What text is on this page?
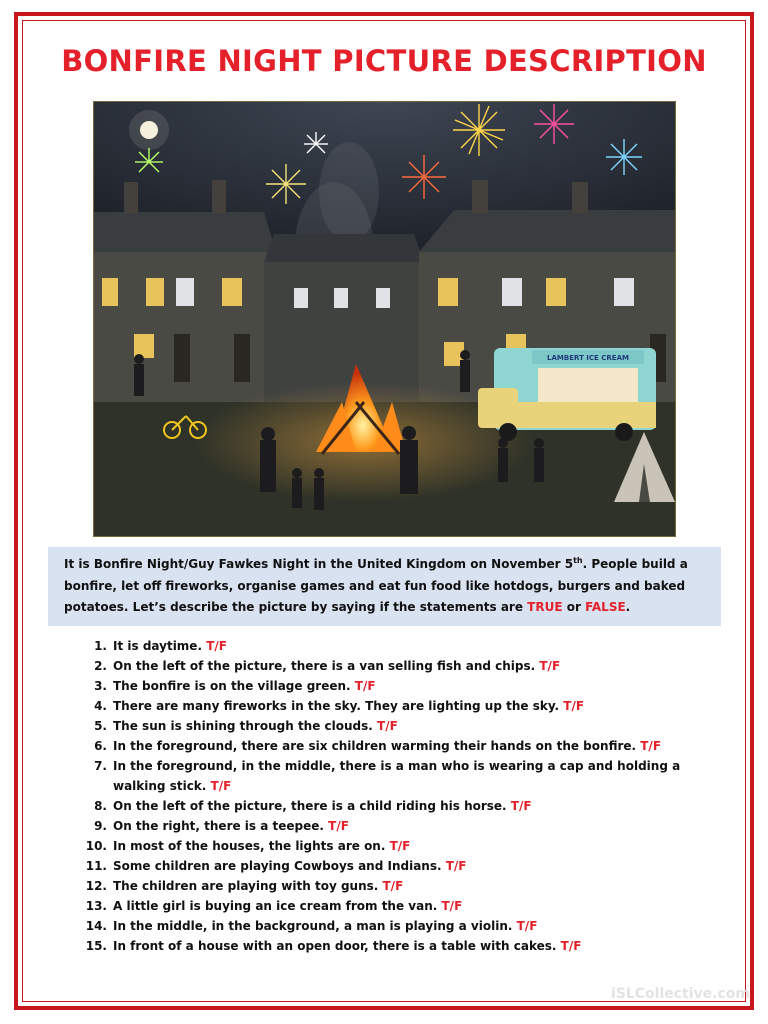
BONFIRE NIGHT PICTURE DESCRIPTION
LAMBERT ICE CREAM
It is Bonfire Night/Guy Fawkes Night in the United Kingdom on November 5th. People build a bonfire, let off fireworks, organise games and eat fun food like hotdogs, burgers and baked potatoes. Let’s describe the picture by saying if the statements are TRUE or FALSE.
1. It is daytime. T/F
2. On the left of the picture, there is a van selling fish and chips. T/F
3. The bonfire is on the village green. T/F
4. There are many fireworks in the sky. They are lighting up the sky. T/F
5. The sun is shining through the clouds. T/F
6. In the foreground, there are six children warming their hands on the bonfire. T/F
7. In the foreground, in the middle, there is a man who is wearing a cap and holding a walking stick. T/F
8. On the left of the picture, there is a child riding his horse. T/F
9. On the right, there is a teepee. T/F
10. In most of the houses, the lights are on. T/F
11. Some children are playing Cowboys and Indians. T/F
12. The children are playing with toy guns. T/F
13. A little girl is buying an ice cream from the van. T/F
14. In the middle, in the background, a man is playing a violin. T/F
15. In front of a house with an open door, there is a table with cakes. T/F
iSLCollective.com
